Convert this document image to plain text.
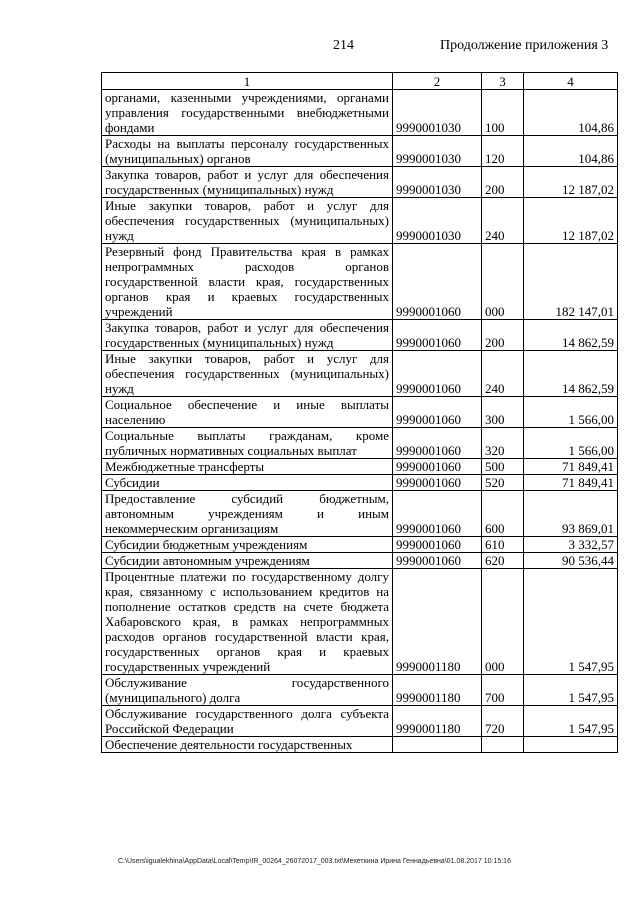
214	Продолжение приложения 3
1	2	3	4
органами, казенными учреждениями, органами управления государственными внебюджетными фондами	9990001030	100	104,86
Расходы на выплаты персоналу государственных (муниципальных) органов	9990001030	120	104,86
Закупка товаров, работ и услуг для обеспечения государственных (муниципальных) нужд	9990001030	200	12 187,02
Иные закупки товаров, работ и услуг для обеспечения государственных (муниципальных) нужд	9990001030	240	12 187,02
Резервный фонд Правительства края в рамках непрограммных расходов органов государственной власти края, государственных органов края и краевых государственных учреждений	9990001060	000	182 147,01
Закупка товаров, работ и услуг для обеспечения государственных (муниципальных) нужд	9990001060	200	14 862,59
Иные закупки товаров, работ и услуг для обеспечения государственных (муниципальных) нужд	9990001060	240	14 862,59
Социальное обеспечение и иные выплаты населению	9990001060	300	1 566,00
Социальные выплаты гражданам, кроме публичных нормативных социальных выплат	9990001060	320	1 566,00
Межбюджетные трансферты	9990001060	500	71 849,41
Субсидии	9990001060	520	71 849,41
Предоставление субсидий бюджетным, автономным учреждениям и иным некоммерческим организациям	9990001060	600	93 869,01
Субсидии бюджетным учреждениям	9990001060	610	3 332,57
Субсидии автономным учреждениям	9990001060	620	90 536,44
Процентные платежи по государственному долгу края, связанному с использованием кредитов на пополнение остатков средств на счете бюджета Хабаровского края, в рамках непрограммных расходов органов государственной власти края, государственных органов края и краевых государственных учреждений	9990001180	000	1 547,95
Обслуживание государственного (муниципального) долга	9990001180	700	1 547,95
Обслуживание государственного долга субъекта Российской Федерации	9990001180	720	1 547,95
Обеспечение деятельности государственных			
C:\Users\igualekhina\AppData\Local\Temp\IR_00264_26072017_003.txt\Мехеткина Ирина Геннадьевна\01.08.2017 10:15:16
